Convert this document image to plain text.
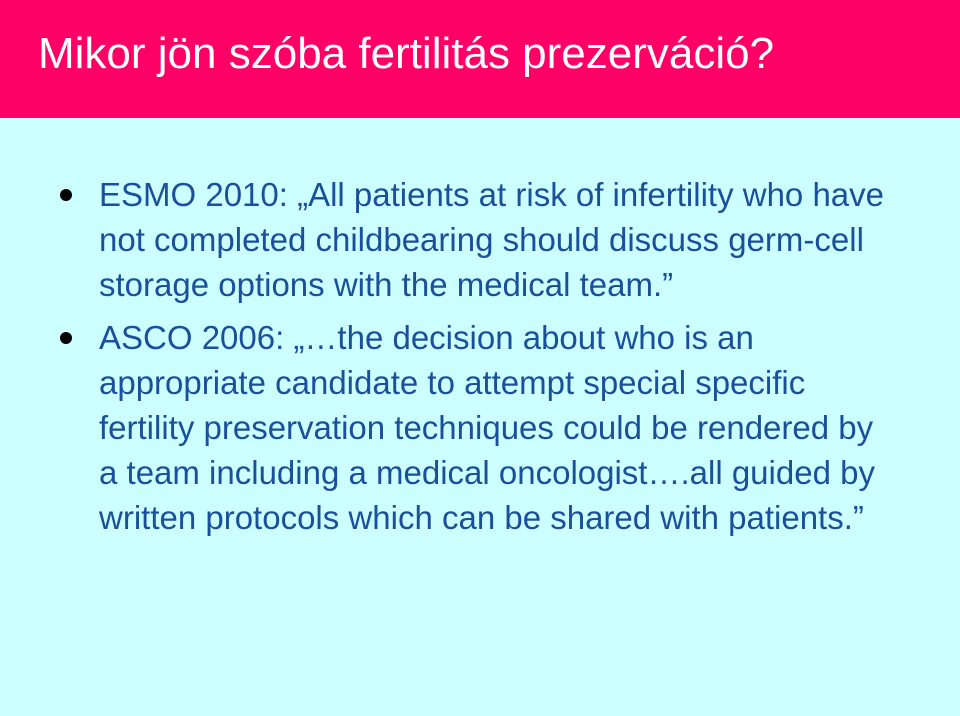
Mikor jön szóba fertilitás prezerváció?
ESMO 2010: „All patients at risk of infertility who have not completed childbearing should discuss germ-cell storage options with the medical team.”
ASCO 2006: „…the decision about who is an appropriate candidate to attempt special specific fertility preservation techniques could be rendered by a team including a medical oncologist….all guided by written protocols which can be shared with patients.”
